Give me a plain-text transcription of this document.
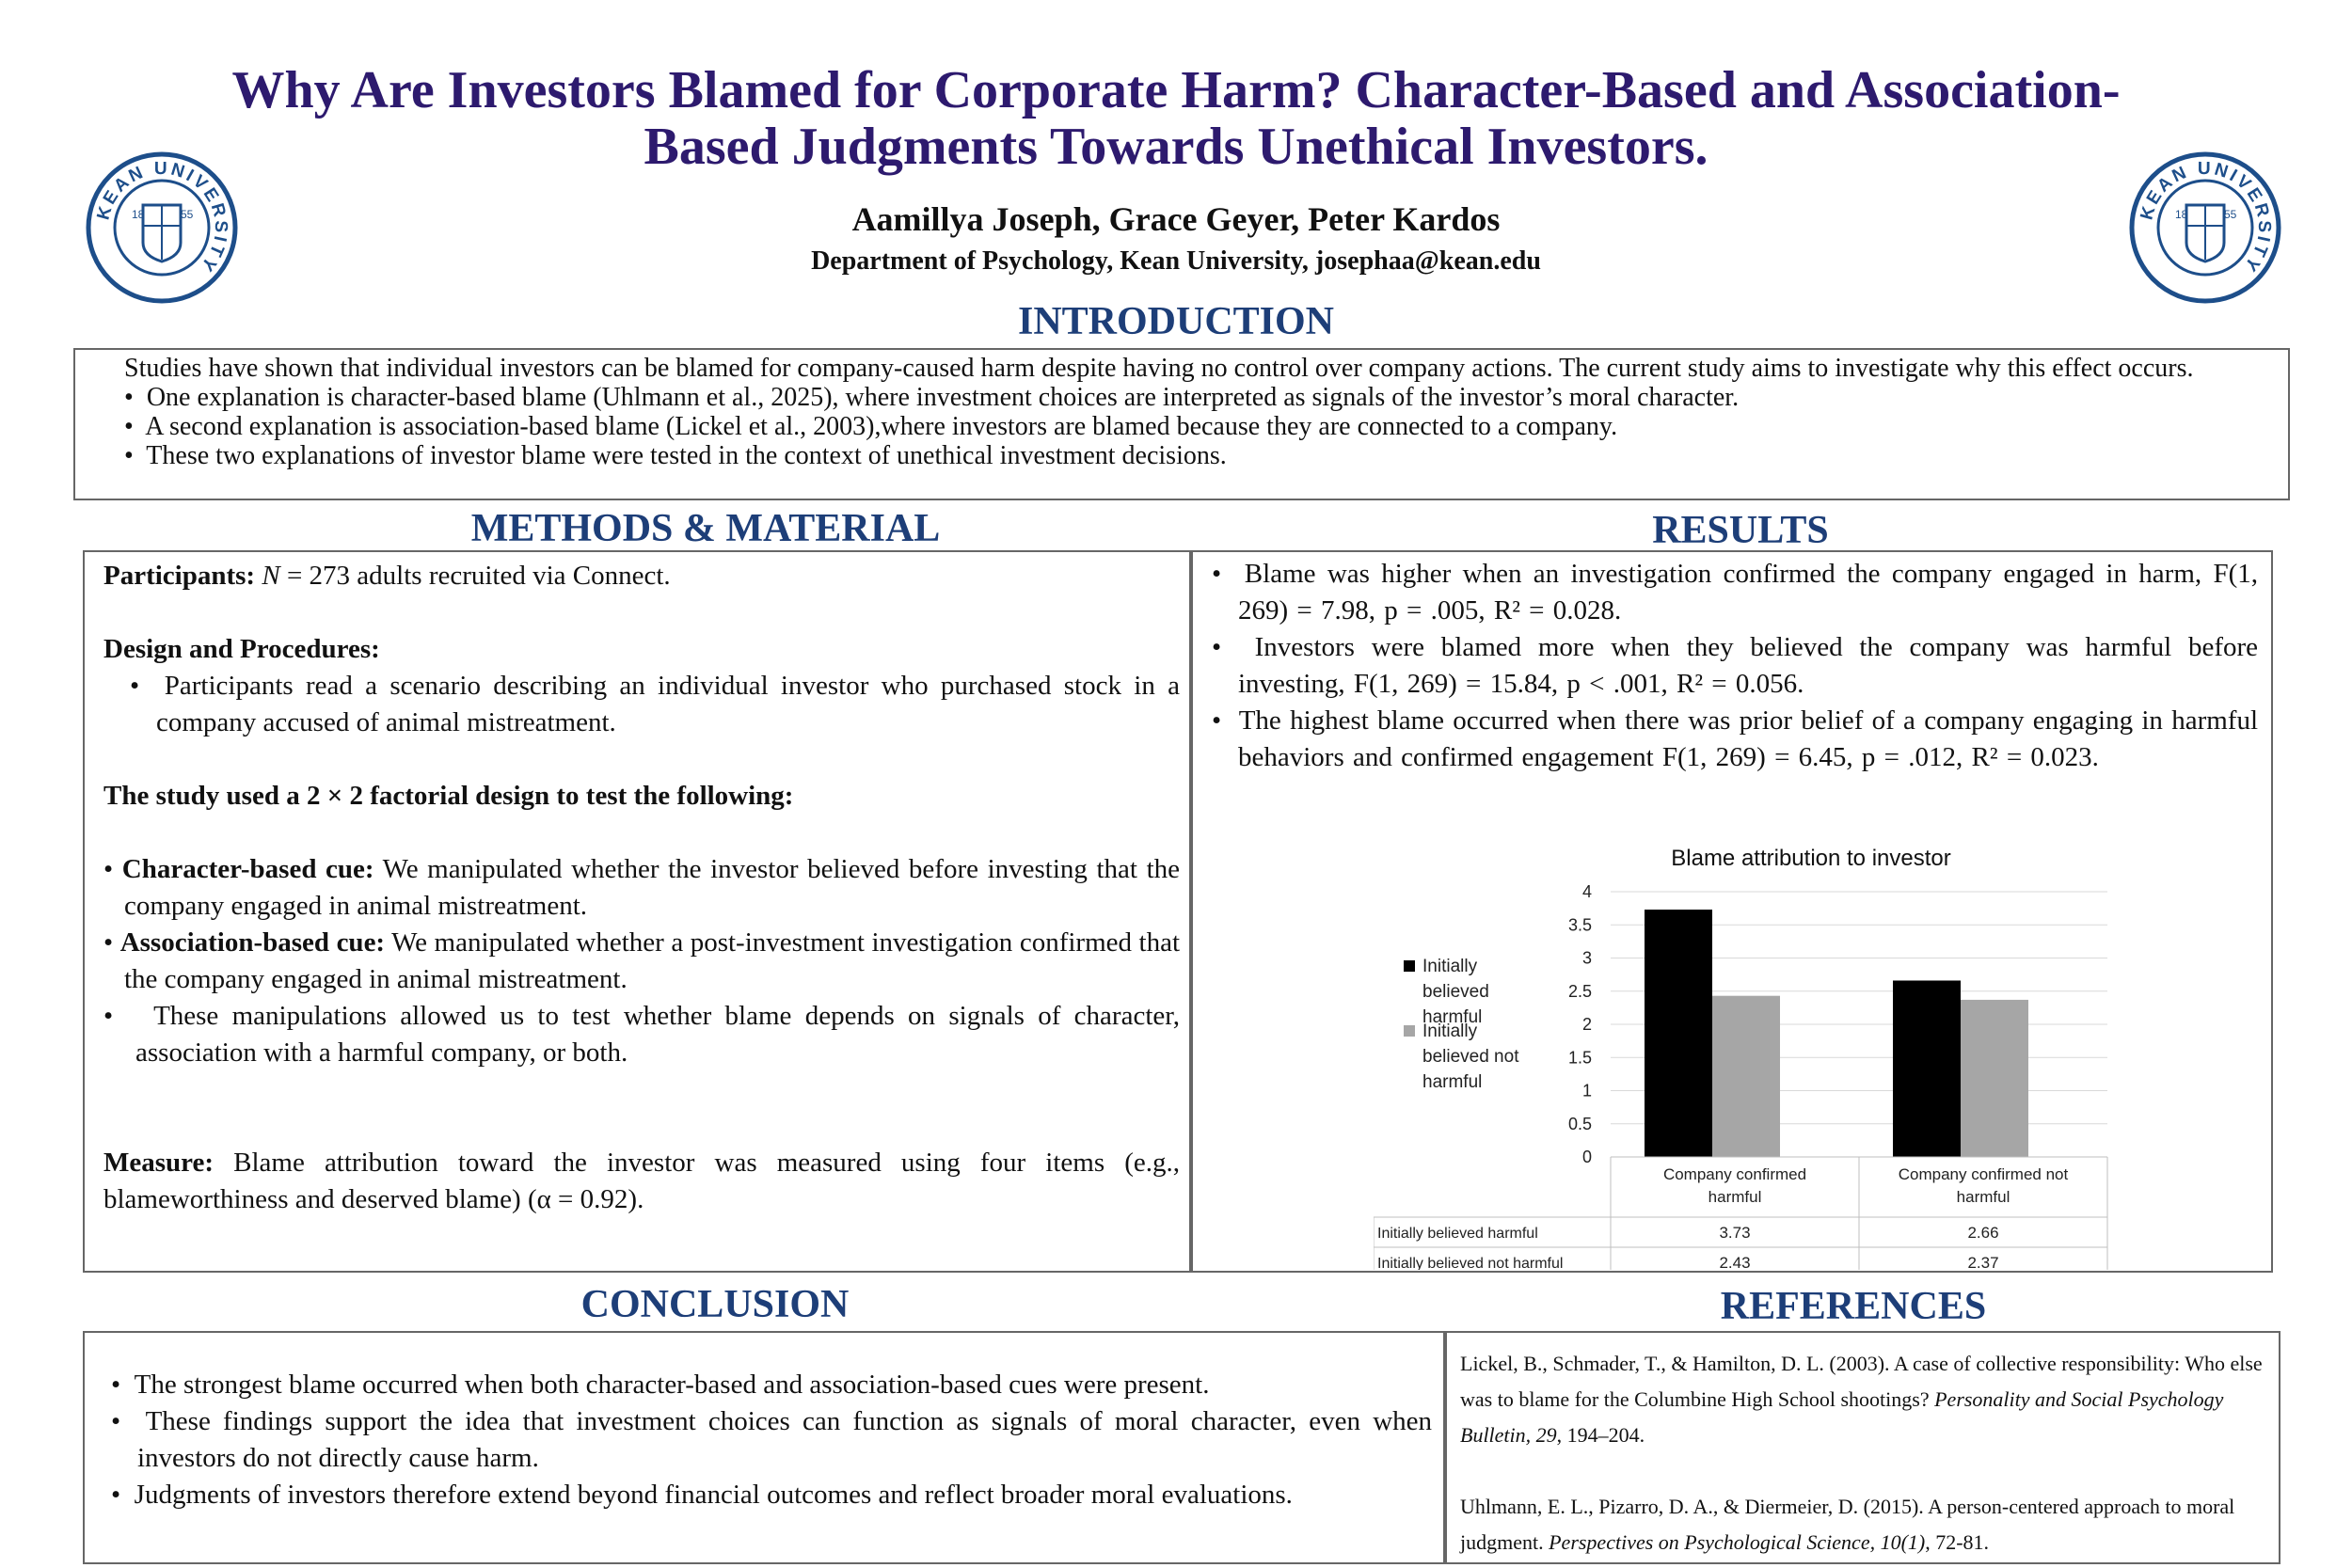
KEAN UNIVERSITY
18	55	KEAN UNIVERSITY
18	55
Why Are Investors Blamed for Corporate Harm? Character-Based and Association-
Based Judgments Towards Unethical Investors.
Aamillya Joseph, Grace Geyer, Peter Kardos
Department of Psychology, Kean University, josephaa@kean.edu
INTRODUCTION
Studies have shown that individual investors can be blamed for company-caused harm despite having no control over company actions. The current study aims to investigate why this effect occurs.
•  One explanation is character-based blame (Uhlmann et al., 2025), where investment choices are interpreted as signals of the investor’s moral character.
•  A second explanation is association-based blame (Lickel et al., 2003),where investors are blamed because they are connected to a company.
•  These two explanations of investor blame were tested in the context of unethical investment decisions.
METHODS & MATERIAL
Participants: N = 273 adults recruited via Connect.
Design and Procedures:
•  Participants read a scenario describing an individual investor who purchased stock in a company accused of animal mistreatment.
The study used a 2 × 2 factorial design to test the following:
• Character-based cue: We manipulated whether the investor believed before investing that the company engaged in animal mistreatment.
• Association-based cue: We manipulated whether a post-investment investigation confirmed that the company engaged in animal mistreatment.
•   These manipulations allowed us to test whether blame depends on signals of character, association with a harmful company, or both.
Measure: Blame attribution toward the investor was measured using four items (e.g., blameworthiness and deserved blame) (α = 0.92).
RESULTS
•  Blame was higher when an investigation confirmed the company engaged in harm, F(1, 269) = 7.98, p = .005, R² = 0.028.
•  Investors were blamed more when they believed the company was harmful before investing, F(1, 269) = 15.84, p < .001, R² = 0.056.
•  The highest blame occurred when there was prior belief of a company engaging in harmful behaviors and confirmed engagement F(1, 269) = 6.45, p = .012, R² = 0.023.
Blame attribution to investor
0
0.5
1
1.5
2
2.5
3
3.5
4
Company confirmed
harmful
Company confirmed not
harmful
Initially believed harmful	3.73	2.66
Initially believed not harmful	2.43	2.37
Initially
believed
harmful
Initially
believed not
harmful
CONCLUSION
•  The strongest blame occurred when both character-based and association-based cues were present.
•  These findings support the idea that investment choices can function as signals of moral character, even when investors do not directly cause harm.
•  Judgments of investors therefore extend beyond financial outcomes and reflect broader moral evaluations.
REFERENCES
Lickel, B., Schmader, T., & Hamilton, D. L. (2003). A case of collective responsibility: Who else was to blame for the Columbine High School shootings? Personality and Social Psychology Bulletin, 29, 194–204.
Uhlmann, E. L., Pizarro, D. A., & Diermeier, D. (2015). A person-centered approach to moral judgment. Perspectives on Psychological Science, 10(1), 72-81.
